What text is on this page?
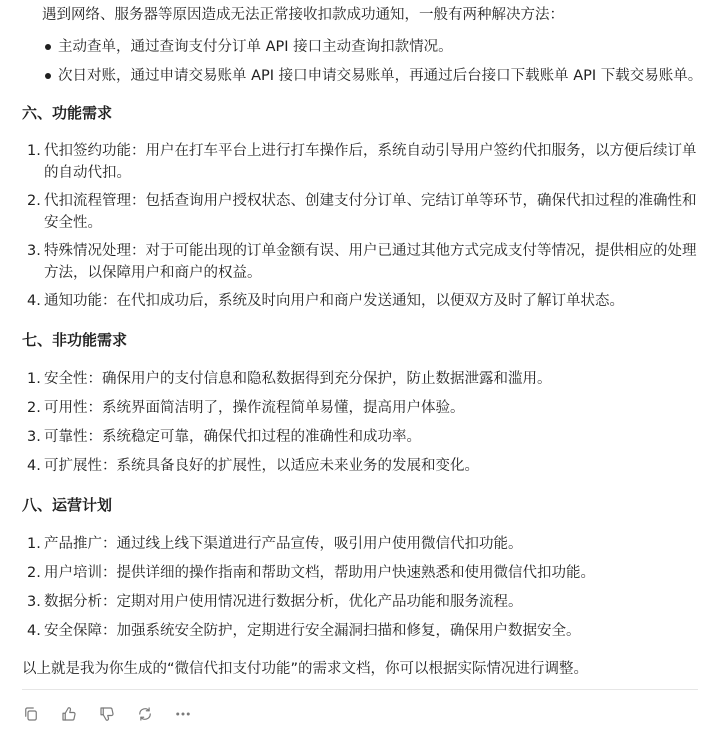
遇到网络、服务器等原因造成无法正常接收扣款成功通知，一般有两种解决方法：
主动查单，通过查询支付分订单 API 接口主动查询扣款情况。
次日对账，通过申请交易账单 API 接口申请交易账单，再通过后台接口下载账单 API 下载交易账单。
六、功能需求
1. 代扣签约功能：用户在打车平台上进行打车操作后，系统自动引导用户签约代扣服务，以方便后续订单
的自动代扣。
2. 代扣流程管理：包括查询用户授权状态、创建支付分订单、完结订单等环节，确保代扣过程的准确性和
安全性。
3. 特殊情况处理：对于可能出现的订单金额有误、用户已通过其他方式完成支付等情况，提供相应的处理
方法，以保障用户和商户的权益。
4. 通知功能：在代扣成功后，系统及时向用户和商户发送通知，以便双方及时了解订单状态。
七、非功能需求
1. 安全性：确保用户的支付信息和隐私数据得到充分保护，防止数据泄露和滥用。
2. 可用性：系统界面简洁明了，操作流程简单易懂，提高用户体验。
3. 可靠性：系统稳定可靠，确保代扣过程的准确性和成功率。
4. 可扩展性：系统具备良好的扩展性，以适应未来业务的发展和变化。
八、运营计划
1. 产品推广：通过线上线下渠道进行产品宣传，吸引用户使用微信代扣功能。
2. 用户培训：提供详细的操作指南和帮助文档，帮助用户快速熟悉和使用微信代扣功能。
3. 数据分析：定期对用户使用情况进行数据分析，优化产品功能和服务流程。
4. 安全保障：加强系统安全防护，定期进行安全漏洞扫描和修复，确保用户数据安全。
以上就是我为你生成的“微信代扣支付功能”的需求文档，你可以根据实际情况进行调整。
